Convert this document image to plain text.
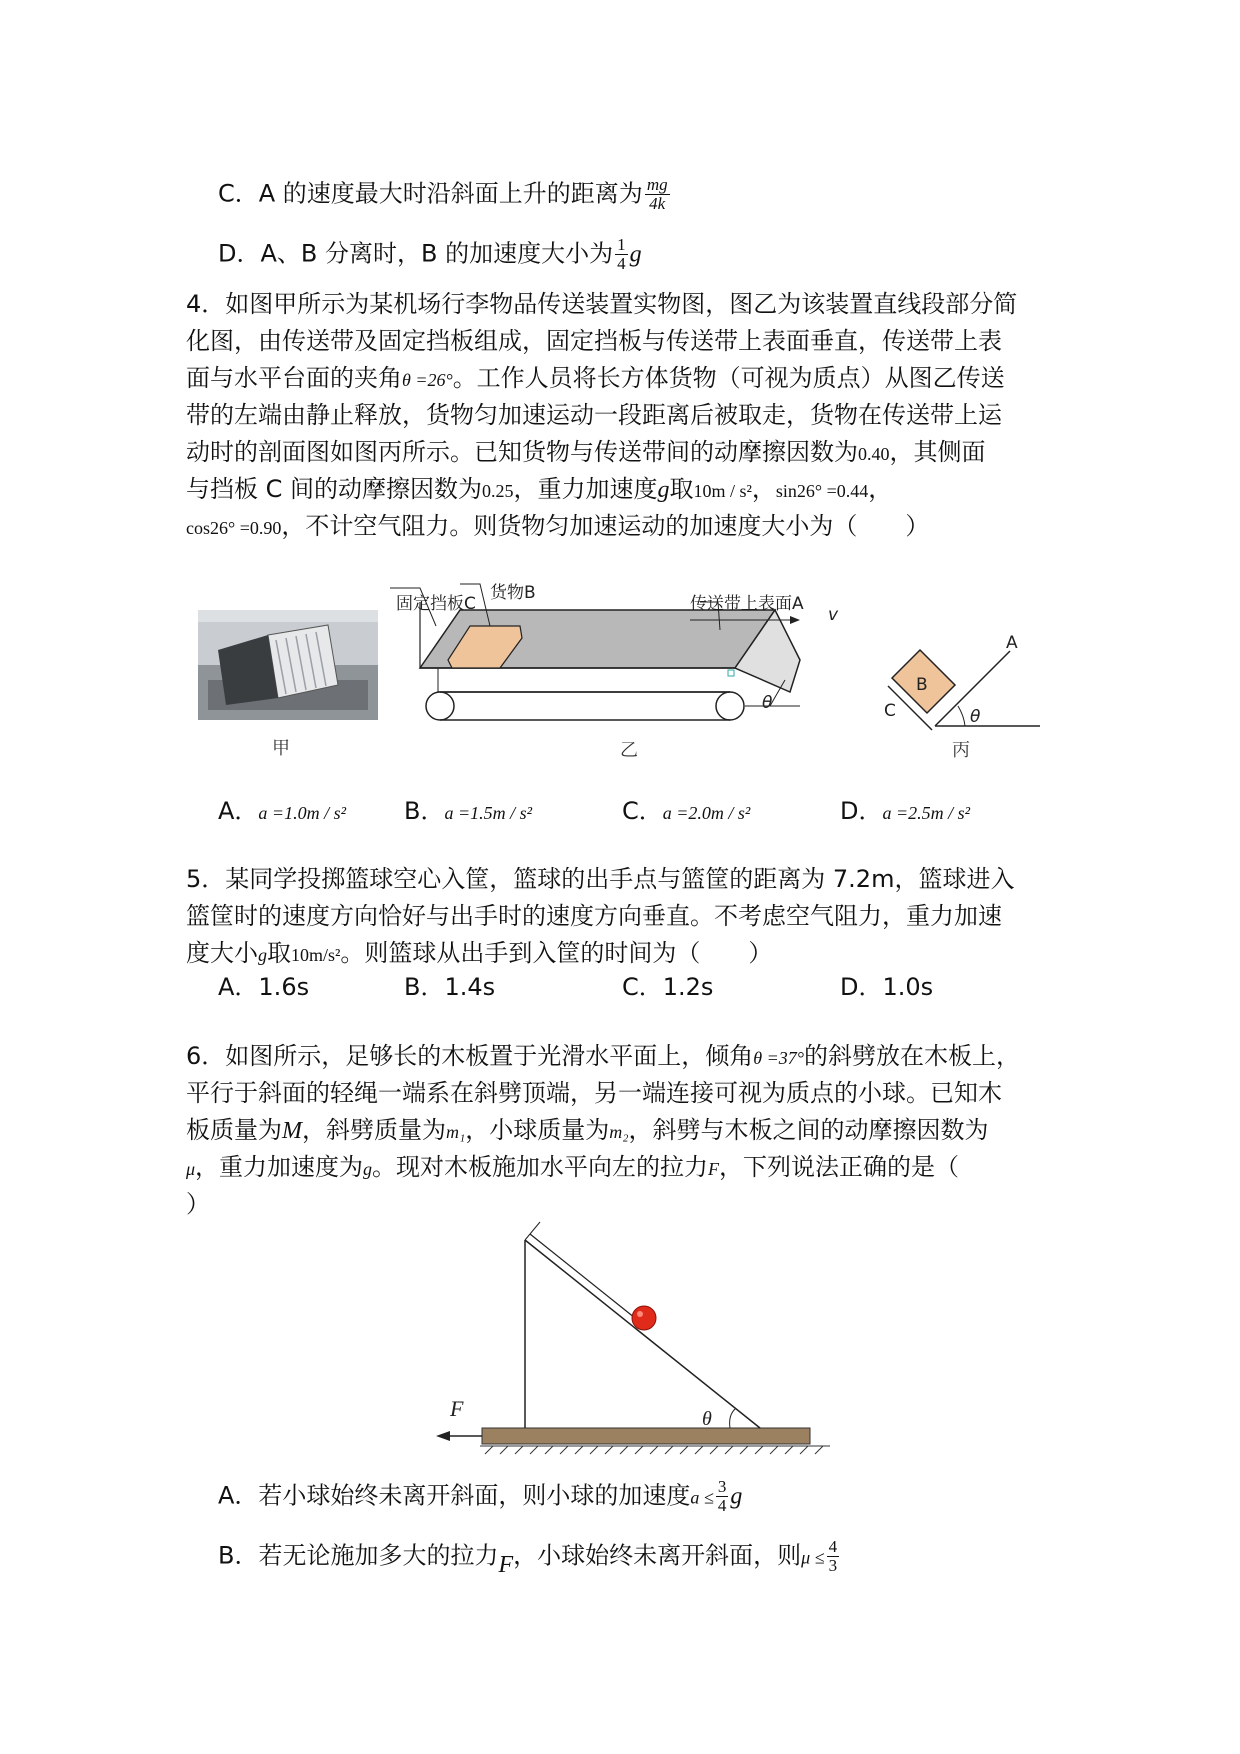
C．A 的速度最大时沿斜面上升的距离为 $\frac{mg}{4k}$
D．A、B 分离时，B 的加速度大小为 $\frac{1}{4}$ g
4．如图甲所示为某机场行李物品传送装置实物图，图乙为该装置直线段部分简
化图，由传送带及固定挡板组成，固定挡板与传送带上表面垂直，传送带上表
面与水平台面的夹角θ =26°。工作人员将长方体货物（可视为质点）从图乙传送
带的左端由静止释放，货物匀加速运动一段距离后被取走，货物在传送带上运
动时的剖面图如图丙所示。已知货物与传送带间的动摩擦因数为0.40，其侧面
与挡板 C 间的动摩擦因数为0.25，重力加速度g取10m / s²，sin26° =0.44，
cos26° =0.90，不计空气阻力。则货物匀加速运动的加速度大小为（　　）
甲
固定挡板C
货物B
传送带上表面A
v
θ
乙
B
C
A
θ
丙
A．a =1.0m / s² B．a =1.5m / s²	C．a =2.0m / s²	D．a =2.5m / s²
5．某同学投掷篮球空心入筐，篮球的出手点与篮筐的距离为 7.2m，篮球进入
篮筐时的速度方向恰好与出手时的速度方向垂直。不考虑空气阻力，重力加速
度大小g取10m/s²。则篮球从出手到入筐的时间为（　　）
A．1.6s	B．1.4s	C．1.2s	D．1.0s
6．如图所示，足够长的木板置于光滑水平面上，倾角θ =37°的斜劈放在木板上，
平行于斜面的轻绳一端系在斜劈顶端，另一端连接可视为质点的小球。已知木
板质量为M，斜劈质量为m₁，小球质量为m₂，斜劈与木板之间的动摩擦因数为
μ，重力加速度为g。现对木板施加水平向左的拉力F，下列说法正确的是（
）
F	θ
A．若小球始终未离开斜面，则小球的加速度$a \le \frac{3}{4}$ g
B．若无论施加多大的拉力F，小球始终未离开斜面，则$\mu \le \frac{4}{3}$
